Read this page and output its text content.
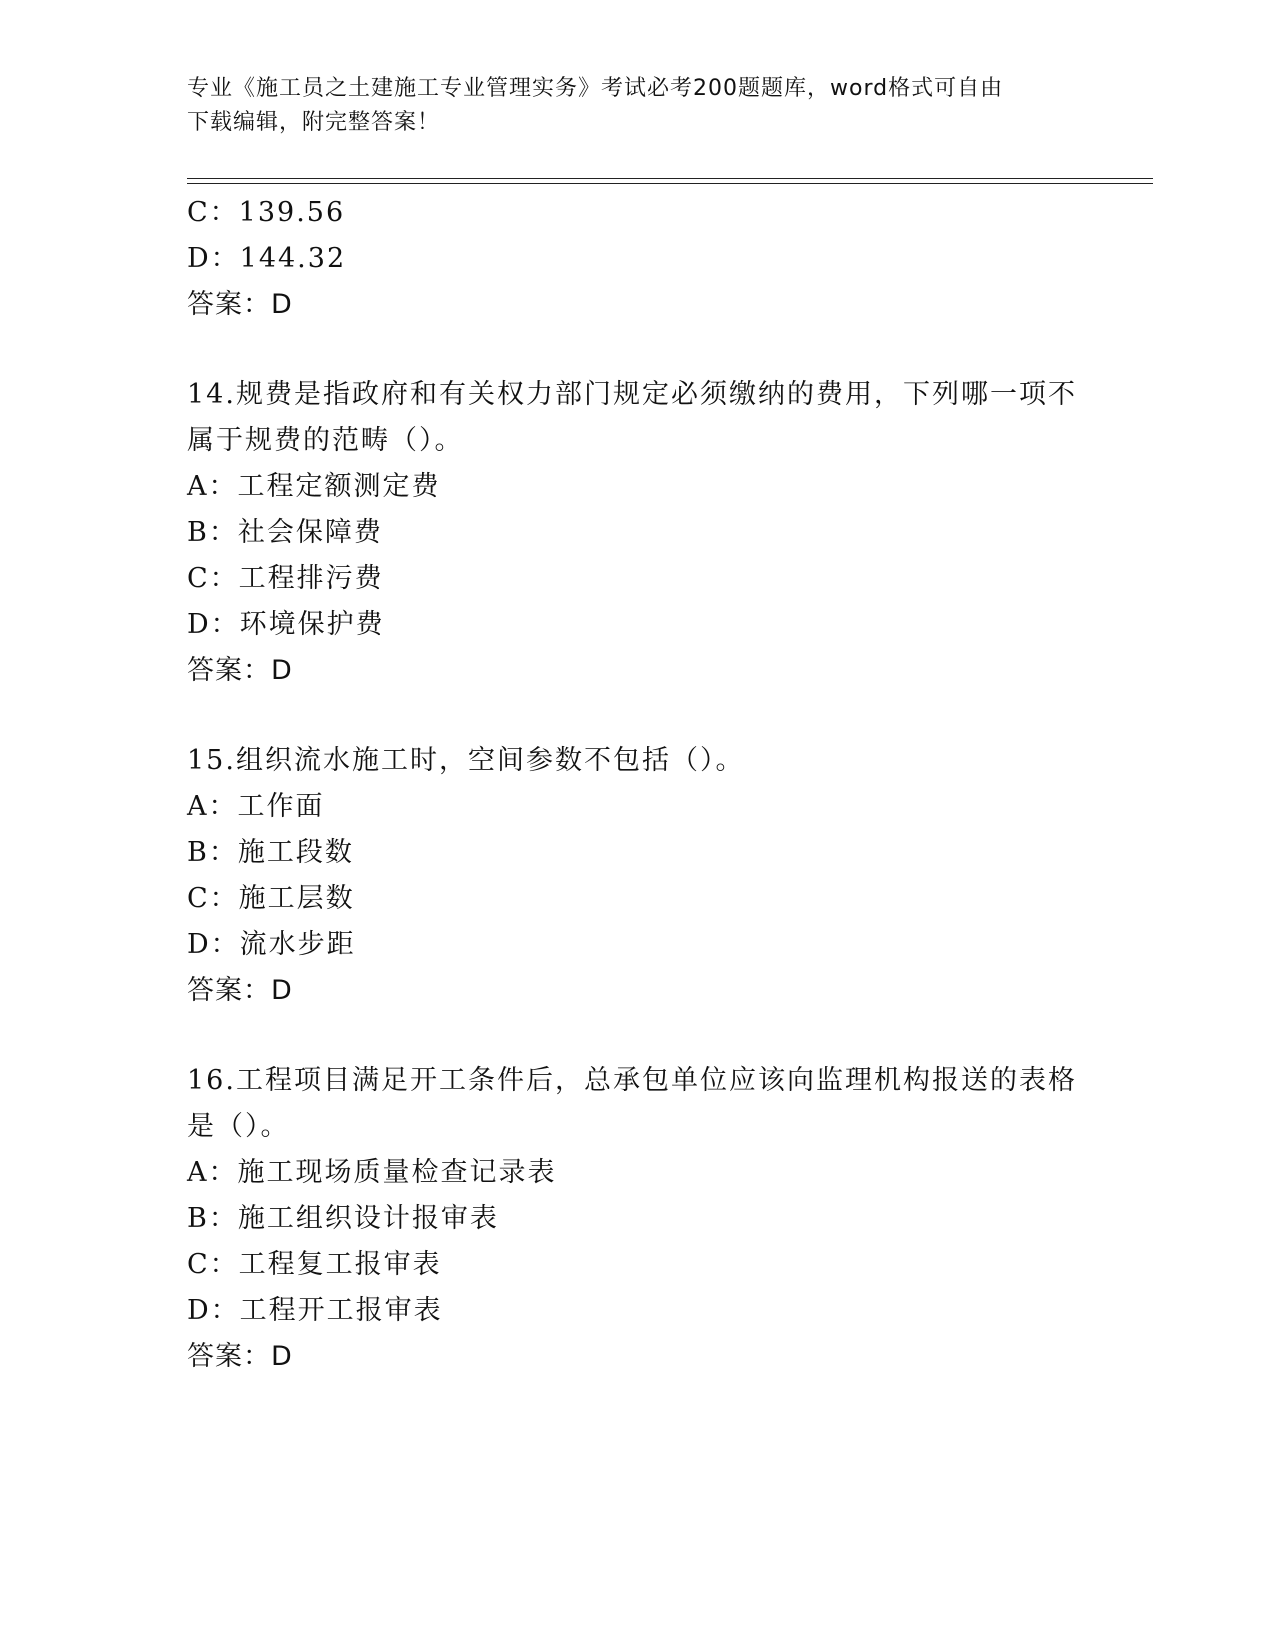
专业《施工员之土建施工专业管理实务》考试必考200题题库，word格式可自由
下载编辑，附完整答案！
C：139.56
D：144.32
答案：D
14.规费是指政府和有关权力部门规定必须缴纳的费用，下列哪一项不
属于规费的范畴（）。
A：工程定额测定费
B：社会保障费
C：工程排污费
D：环境保护费
答案：D
15.组织流水施工时，空间参数不包括（）。
A：工作面
B：施工段数
C：施工层数
D：流水步距
答案：D
16.工程项目满足开工条件后，总承包单位应该向监理机构报送的表格
是（）。
A：施工现场质量检查记录表
B：施工组织设计报审表
C：工程复工报审表
D：工程开工报审表
答案：D
